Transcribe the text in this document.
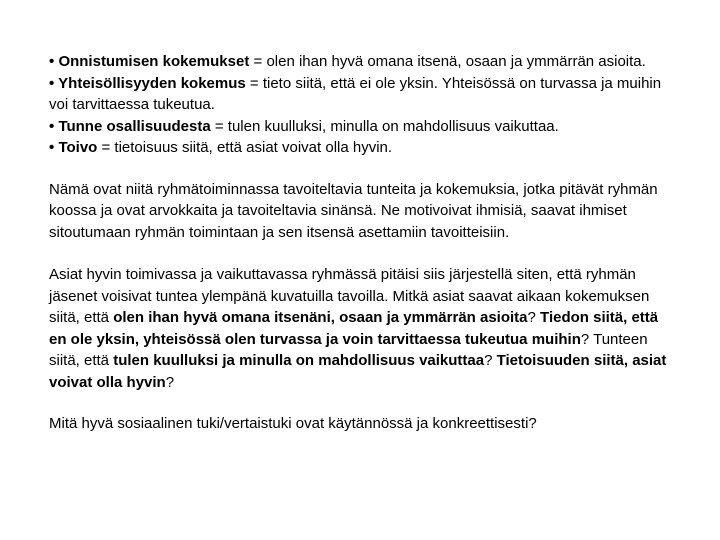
• Onnistumisen kokemukset = olen ihan hyvä omana itsenä, osaan ja ymmärrän asioita.
• Yhteisöllisyyden kokemus = tieto siitä, että ei ole yksin. Yhteisössä on turvassa ja muihin voi tarvittaessa tukeutua.
• Tunne osallisuudesta = tulen kuulluksi, minulla on mahdollisuus vaikuttaa.
• Toivo = tietoisuus siitä, että asiat voivat olla hyvin.

Nämä ovat niitä ryhmätoiminnassa tavoiteltavia tunteita ja kokemuksia, jotka pitävät ryhmän koossa ja ovat arvokkaita ja tavoiteltavia sinänsä. Ne motivoivat ihmisiä, saavat ihmiset sitoutumaan ryhmän toimintaan ja sen itsensä asettamiin tavoitteisiin.

Asiat hyvin toimivassa ja vaikuttavassa ryhmässä pitäisi siis järjestellä siten, että ryhmän jäsenet voisivat tuntea ylempänä kuvatuilla tavoilla. Mitkä asiat saavat aikaan kokemuksen siitä, että olen ihan hyvä omana itsenäni, osaan ja ymmärrän asioita? Tiedon siitä, että en ole yksin, yhteisössä olen turvassa ja voin tarvittaessa tukeutua muihin? Tunteen siitä, että tulen kuulluksi ja minulla on mahdollisuus vaikuttaa? Tietoisuuden siitä, asiat voivat olla hyvin?

Mitä hyvä sosiaalinen tuki/vertaistuki ovat käytännössä ja konkreettisesti?
